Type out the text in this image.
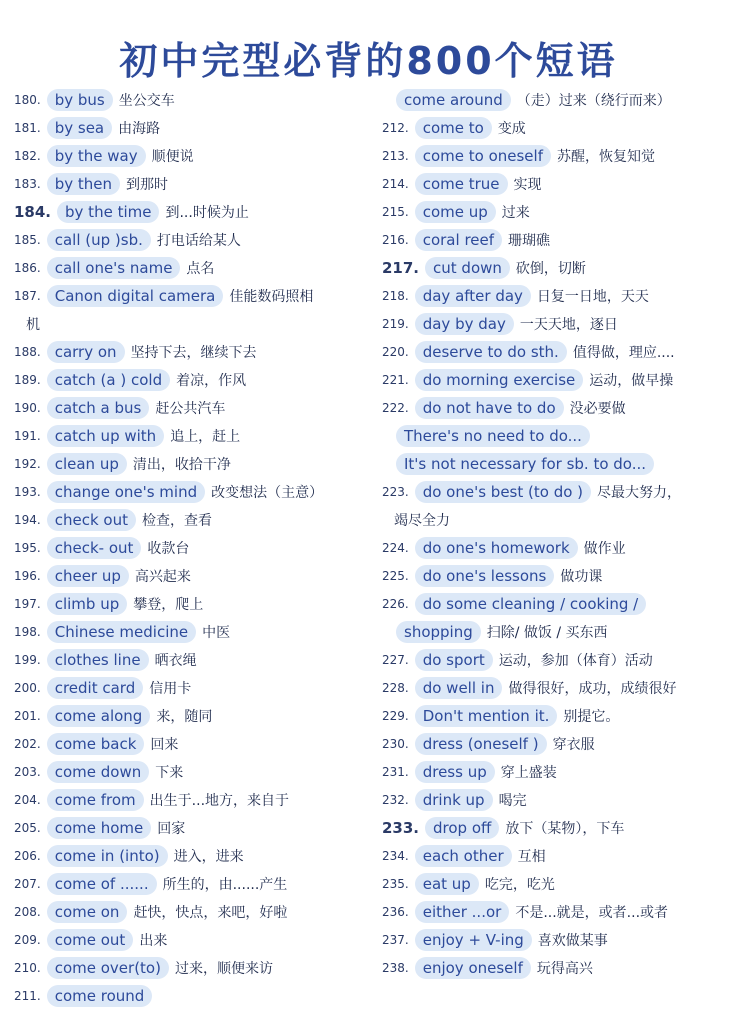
初中完型必背的800个短语
180. by bus	坐公交车
181. by sea	由海路
182. by the way	顺便说
183. by then	到那时
184. by the time	到...时候为止
185. call (up )sb.	打电话给某人
186. call one's name	点名
187. Canon digital camera	佳能数码照相
机
188. carry on	坚持下去，继续下去
189. catch (a ) cold	着凉，作风
190. catch a bus	赶公共汽车
191. catch up with	追上，赶上
192. clean up	清出，收拾干净
193. change one's mind	改变想法（主意）
194. check out	检查，查看
195. check- out	收款台
196. cheer up	高兴起来
197. climb up	攀登，爬上
198. Chinese medicine	中医
199. clothes line	晒衣绳
200. credit card	信用卡
201. come along	来，随同
202. come back	回来
203. come down	下来
204. come from	出生于...地方，来自于
205. come home	回家
206. come in (into)	进入，进来
207. come of ......	所生的，由......产生
208. come on	赶快，快点，来吧，好啦
209. come out	出来
210. come over(to)	过来，顺便来访
211. come round
come around	（走）过来（绕行而来）
212. come to	变成
213. come to oneself	苏醒，恢复知觉
214. come true	实现
215. come up	过来
216. coral reef	珊瑚礁
217. cut down	砍倒，切断
218. day after day	日复一日地，天天
219. day by day	一天天地，逐日
220. deserve to do sth.	值得做，理应....
221. do morning exercise	运动，做早操
222. do not have to do	没必要做
There's no need to do...
It's not necessary for sb. to do...
223. do one's best (to do )	尽最大努力，
竭尽全力
224. do one's homework	做作业
225. do one's lessons	做功课
226. do some cleaning / cooking /
shopping	扫除/ 做饭 / 买东西
227. do sport	运动，参加（体育）活动
228. do well in	做得很好，成功，成绩很好
229. Don't mention it.	别提它。
230. dress (oneself )	穿衣服
231. dress up	穿上盛装
232. drink up	喝完
233. drop off	放下（某物），下车
234. each other	互相
235. eat up	吃完，吃光
236. either ...or	不是...就是，或者...或者
237. enjoy + V-ing	喜欢做某事
238. enjoy oneself	玩得高兴
